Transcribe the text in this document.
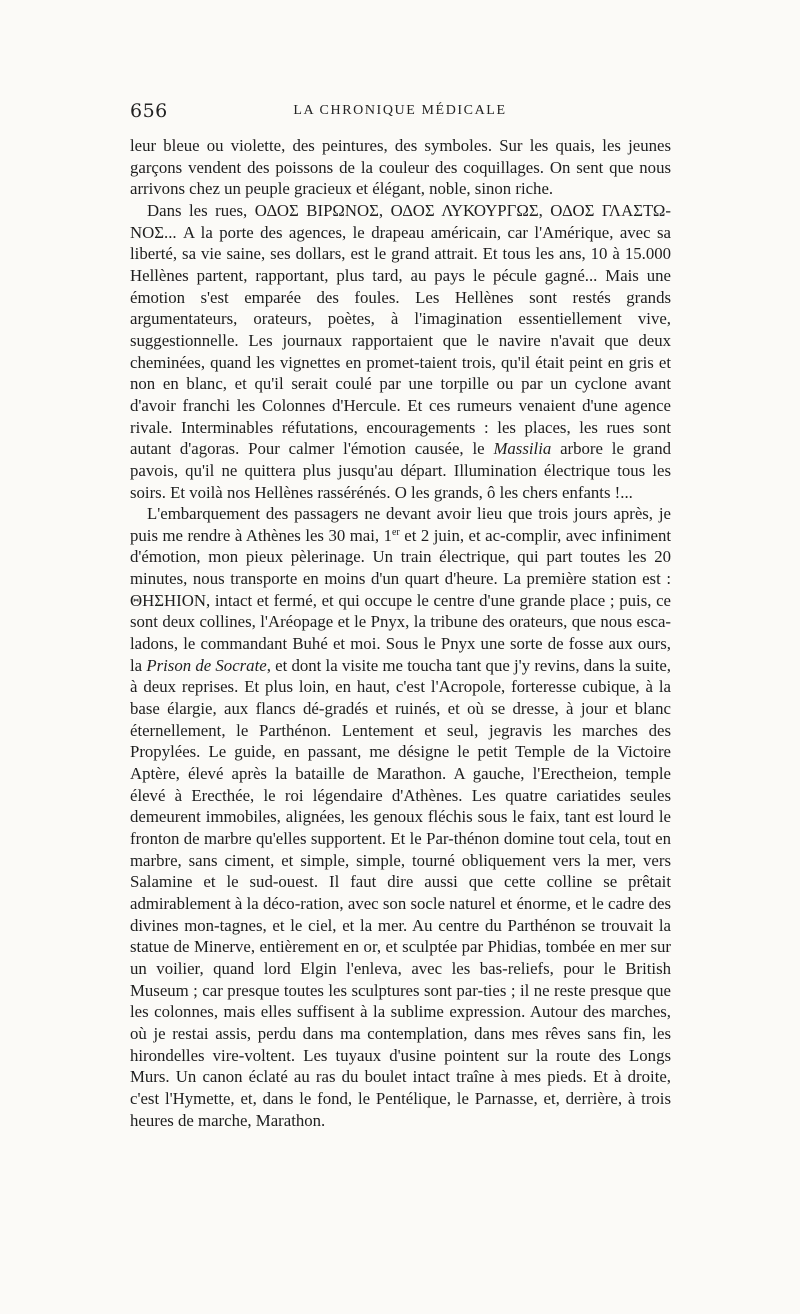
656	LA CHRONIQUE MÉDICALE

leur bleue ou violette, des peintures, des symboles. Sur les quais, les jeunes garçons vendent des poissons de la couleur des coquillages. On sent que nous arrivons chez un peuple gracieux et élégant, noble, sinon riche.

Dans les rues, ΟΔΟΣ ΒΙΡΩΝΟΣ, ΟΔΟΣ ΛΥΚΟΥΡΓΩΣ, ΟΔΟΣ ΓΛΑΣΤΩ-ΝΟΣ... A la porte des agences, le drapeau américain, car l'Amérique, avec sa liberté, sa vie saine, ses dollars, est le grand attrait. Et tous les ans, 10 à 15.000 Hellènes partent, rapportant, plus tard, au pays le pécule gagné... Mais une émotion s'est emparée des foules. Les Hellènes sont restés grands argumentateurs, orateurs, poètes, à l'imagination essentiellement vive, suggestionnelle. Les journaux rapportaient que le navire n'avait que deux cheminées, quand les vignettes en promet-taient trois, qu'il était peint en gris et non en blanc, et qu'il serait coulé par une torpille ou par un cyclone avant d'avoir franchi les Colonnes d'Hercule. Et ces rumeurs venaient d'une agence rivale. Interminables réfutations, encouragements : les places, les rues sont autant d'agoras. Pour calmer l'émotion causée, le Massilia arbore le grand pavois, qu'il ne quittera plus jusqu'au départ. Illumination électrique tous les soirs. Et voilà nos Hellènes rassérénés. O les grands, ô les chers enfants !...

L'embarquement des passagers ne devant avoir lieu que trois jours après, je puis me rendre à Athènes les 30 mai, 1er et 2 juin, et ac-complir, avec infiniment d'émotion, mon pieux pèlerinage. Un train électrique, qui part toutes les 20 minutes, nous transporte en moins d'un quart d'heure. La première station est : ΘΗΣΗΙΟΝ, intact et fermé, et qui occupe le centre d'une grande place ; puis, ce sont deux collines, l'Aréopage et le Pnyx, la tribune des orateurs, que nous esca-ladons, le commandant Buhé et moi. Sous le Pnyx une sorte de fosse aux ours, la Prison de Socrate, et dont la visite me toucha tant que j'y revins, dans la suite, à deux reprises. Et plus loin, en haut, c'est l'Acropole, forteresse cubique, à la base élargie, aux flancs dé-gradés et ruinés, et où se dresse, à jour et blanc éternellement, le Parthénon. Lentement et seul, jegravis les marches des Propylées. Le guide, en passant, me désigne le petit Temple de la Victoire Aptère, élevé après la bataille de Marathon. A gauche, l'Erectheion, temple élevé à Erecthée, le roi légendaire d'Athènes. Les quatre cariatides seules demeurent immobiles, alignées, les genoux fléchis sous le faix, tant est lourd le fronton de marbre qu'elles supportent. Et le Par-thénon domine tout cela, tout en marbre, sans ciment, et simple, simple, tourné obliquement vers la mer, vers Salamine et le sud-ouest. Il faut dire aussi que cette colline se prêtait admirablement à la déco-ration, avec son socle naturel et énorme, et le cadre des divines mon-tagnes, et le ciel, et la mer. Au centre du Parthénon se trouvait la statue de Minerve, entièrement en or, et sculptée par Phidias, tombée en mer sur un voilier, quand lord Elgin l'enleva, avec les bas-reliefs, pour le British Museum ; car presque toutes les sculptures sont par-ties ; il ne reste presque que les colonnes, mais elles suffisent à la sublime expression. Autour des marches, où je restai assis, perdu dans ma contemplation, dans mes rêves sans fin, les hirondelles vire-voltent. Les tuyaux d'usine pointent sur la route des Longs Murs. Un canon éclaté au ras du boulet intact traîne à mes pieds. Et à droite, c'est l'Hymette, et, dans le fond, le Pentélique, le Parnasse, et, derrière, à trois heures de marche, Marathon.
